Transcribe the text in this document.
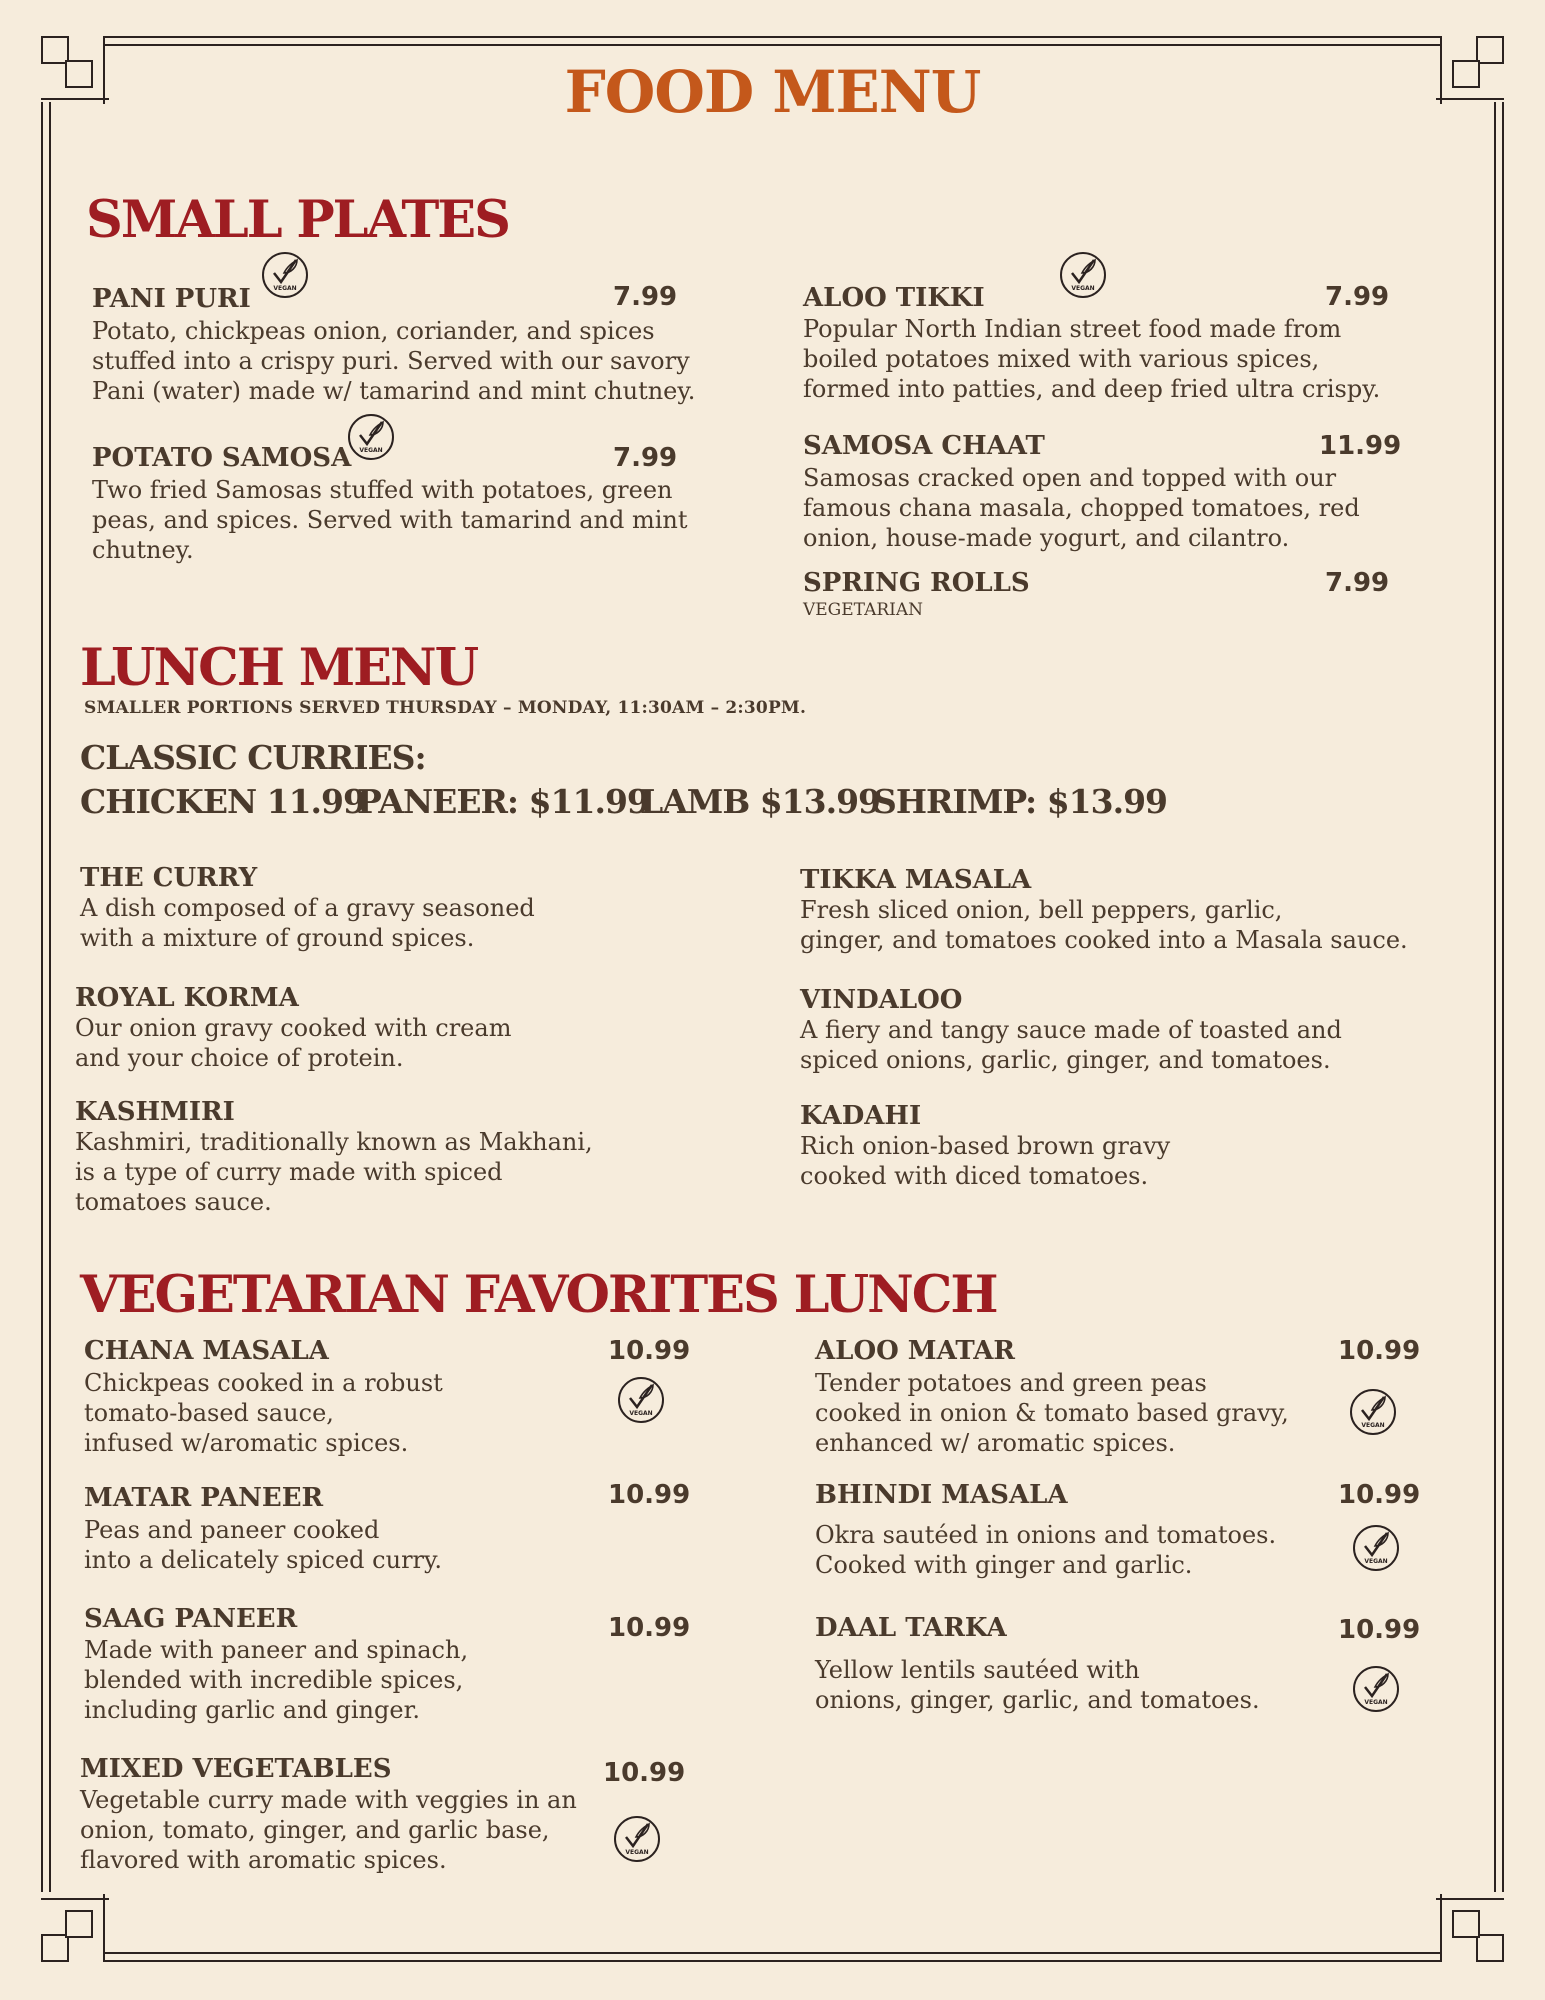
FOOD MENU
SMALL PLATES
PANI PURI	VEGAN	7.99
Potato, chickpeas onion, coriander, and spices
stuffed into a crispy puri. Served with our savory
Pani (water) made w/ tamarind and mint chutney.
POTATO SAMOSA	VEGAN	7.99
Two fried Samosas stuffed with potatoes, green
peas, and spices. Served with tamarind and mint
chutney.
ALOO TIKKI	VEGAN	7.99
Popular North Indian street food made from
boiled potatoes mixed with various spices,
formed into patties, and deep fried ultra crispy.
SAMOSA CHAAT	11.99
Samosas cracked open and topped with our
famous chana masala, chopped tomatoes, red
onion, house-made yogurt, and cilantro.
SPRING ROLLS	7.99
VEGETARIAN
LUNCH MENU
SMALLER PORTIONS SERVED THURSDAY – MONDAY, 11:30AM – 2:30PM.
CLASSIC CURRIES:
CHICKEN 11.99
PANEER: $11.99
LAMB $13.99
SHRIMP: $13.99
THE CURRY
A dish composed of a gravy seasoned
with a mixture of ground spices.
ROYAL KORMA
Our onion gravy cooked with cream
and your choice of protein.
KASHMIRI
Kashmiri, traditionally known as Makhani,
is a type of curry made with spiced
tomatoes sauce.
TIKKA MASALA
Fresh sliced onion, bell peppers, garlic,
ginger, and tomatoes cooked into a Masala sauce.
VINDALOO
A fiery and tangy sauce made of toasted and
spiced onions, garlic, ginger, and tomatoes.
KADAHI
Rich onion-based brown gravy
cooked with diced tomatoes.
VEGETARIAN FAVORITES LUNCH
CHANA MASALA	10.99
VEGAN
Chickpeas cooked in a robust
tomato-based sauce,
infused w/aromatic spices.
MATAR PANEER	10.99
Peas and paneer cooked
into a delicately spiced curry.
SAAG PANEER	10.99
Made with paneer and spinach,
blended with incredible spices,
including garlic and ginger.
MIXED VEGETABLES	10.99
VEGAN
Vegetable curry made with veggies in an
onion, tomato, ginger, and garlic base,
flavored with aromatic spices.
ALOO MATAR	10.99
VEGAN
Tender potatoes and green peas
cooked in onion & tomato based gravy,
enhanced w/ aromatic spices.
BHINDI MASALA	10.99
VEGAN
Okra sautéed in onions and tomatoes.
Cooked with ginger and garlic.
DAAL TARKA	10.99
VEGAN
Yellow lentils sautéed with
onions, ginger, garlic, and tomatoes.
